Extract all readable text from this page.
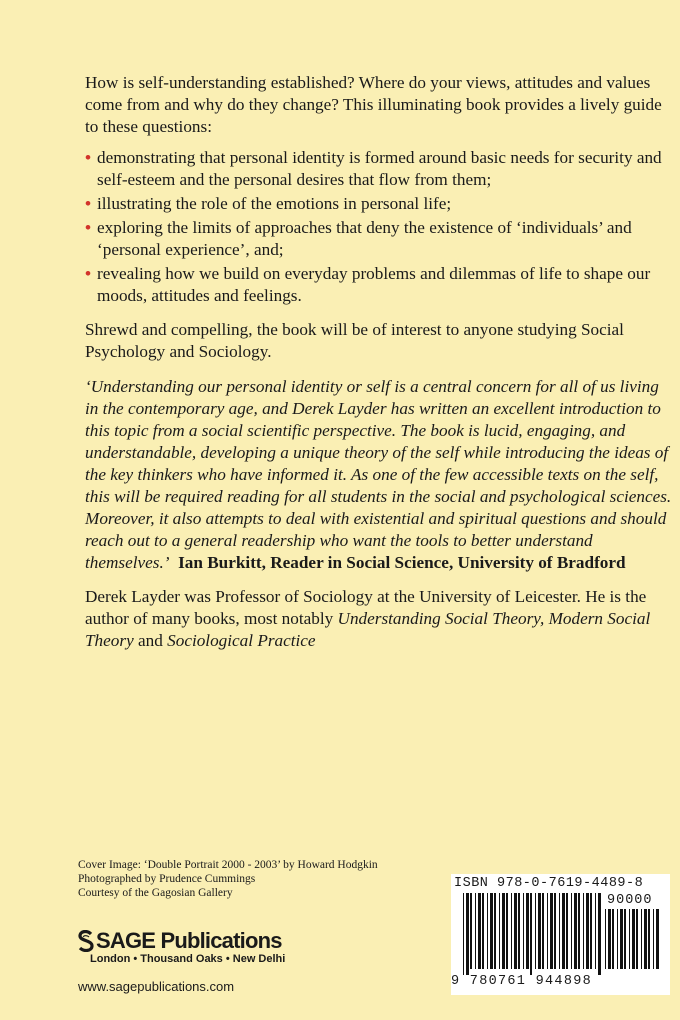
How is self-understanding established? Where do your views, attitudes and values come from and why do they change? This illuminating book provides a lively guide to these questions:

• demonstrating that personal identity is formed around basic needs for security and self-esteem and the personal desires that flow from them;
• illustrating the role of the emotions in personal life;
• exploring the limits of approaches that deny the existence of ‘individuals’ and ‘personal experience’, and;
• revealing how we build on everyday problems and dilemmas of life to shape our moods, attitudes and feelings.

Shrewd and compelling, the book will be of interest to anyone studying Social Psychology and Sociology.

‘Understanding our personal identity or self is a central concern for all of us living in the contemporary age, and Derek Layder has written an excellent introduction to this topic from a social scientific perspective. The book is lucid, engaging, and understandable, developing a unique theory of the self while introducing the ideas of the key thinkers who have informed it. As one of the few accessible texts on the self, this will be required reading for all students in the social and psychological sciences. Moreover, it also attempts to deal with existential and spiritual questions and should reach out to a general readership who want the tools to better understand themselves.’ Ian Burkitt, Reader in Social Science, University of Bradford

Derek Layder was Professor of Sociology at the University of Leicester. He is the author of many books, most notably Understanding Social Theory, Modern Social Theory and Sociological Practice

Cover Image: ‘Double Portrait 2000 - 2003’ by Howard Hodgkin
Photographed by Prudence Cummings
Courtesy of the Gagosian Gallery
SAGE Publications
London • Thousand Oaks • New Delhi
www.sagepublications.com
ISBN 978-0-7619-4489-8
90000
9 780761 944898
